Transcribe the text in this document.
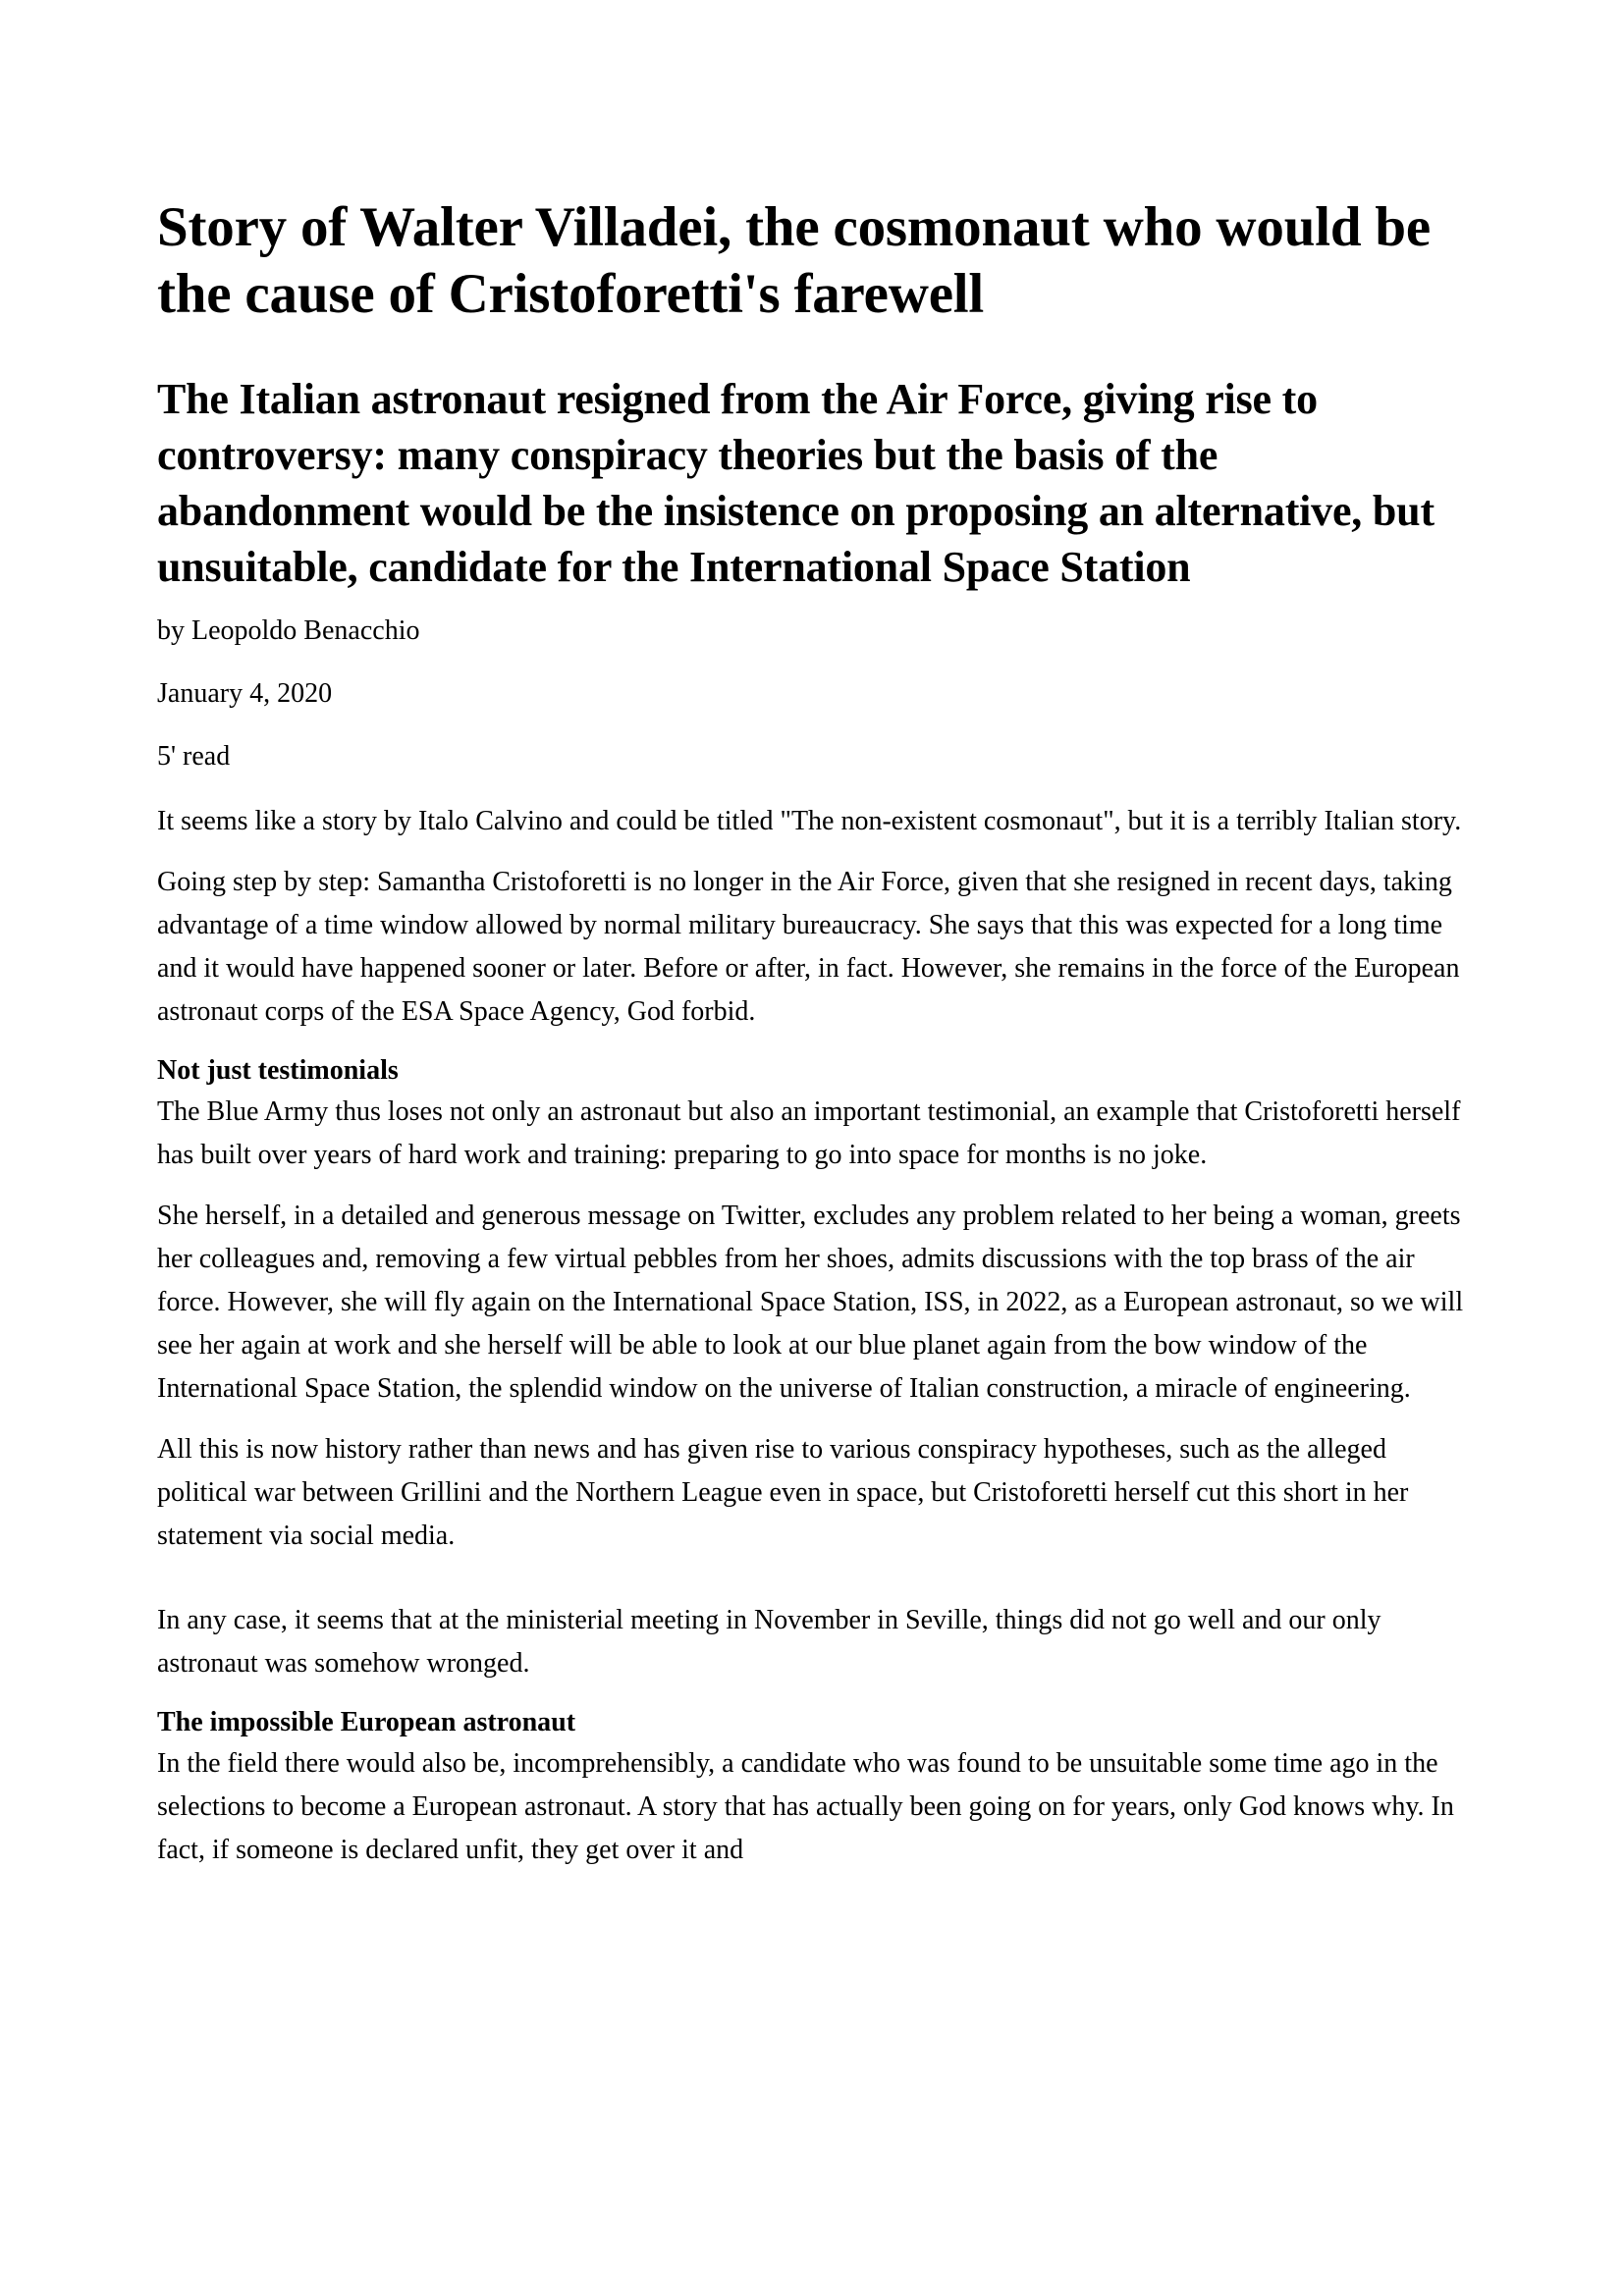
Story of Walter Villadei, the cosmonaut who would be the cause of Cristoforetti's farewell
The Italian astronaut resigned from the Air Force, giving rise to controversy: many conspiracy theories but the basis of the abandonment would be the insistence on proposing an alternative, but unsuitable, candidate for the International Space Station

by Leopoldo Benacchio

January 4, 2020

5' read

It seems like a story by Italo Calvino and could be titled "The non-existent cosmonaut", but it is a terribly Italian story.

Going step by step: Samantha Cristoforetti is no longer in the Air Force, given that she resigned in recent days, taking advantage of a time window allowed by normal military bureaucracy. She says that this was expected for a long time and it would have happened sooner or later. Before or after, in fact. However, she remains in the force of the European astronaut corps of the ESA Space Agency, God forbid.

Not just testimonials

The Blue Army thus loses not only an astronaut but also an important testimonial, an example that Cristoforetti herself has built over years of hard work and training: preparing to go into space for months is no joke.

She herself, in a detailed and generous message on Twitter, excludes any problem related to her being a woman, greets her colleagues and, removing a few virtual pebbles from her shoes, admits discussions with the top brass of the air force. However, she will fly again on the International Space Station, ISS, in 2022, as a European astronaut, so we will see her again at work and she herself will be able to look at our blue planet again from the bow window of the International Space Station, the splendid window on the universe of Italian construction, a miracle of engineering.

All this is now history rather than news and has given rise to various conspiracy hypotheses, such as the alleged political war between Grillini and the Northern League even in space, but Cristoforetti herself cut this short in her statement via social media.

In any case, it seems that at the ministerial meeting in November in Seville, things did not go well and our only astronaut was somehow wronged.

The impossible European astronaut

In the field there would also be, incomprehensibly, a candidate who was found to be unsuitable some time ago in the selections to become a European astronaut. A story that has actually been going on for years, only God knows why. In fact, if someone is declared unfit, they get over it and
